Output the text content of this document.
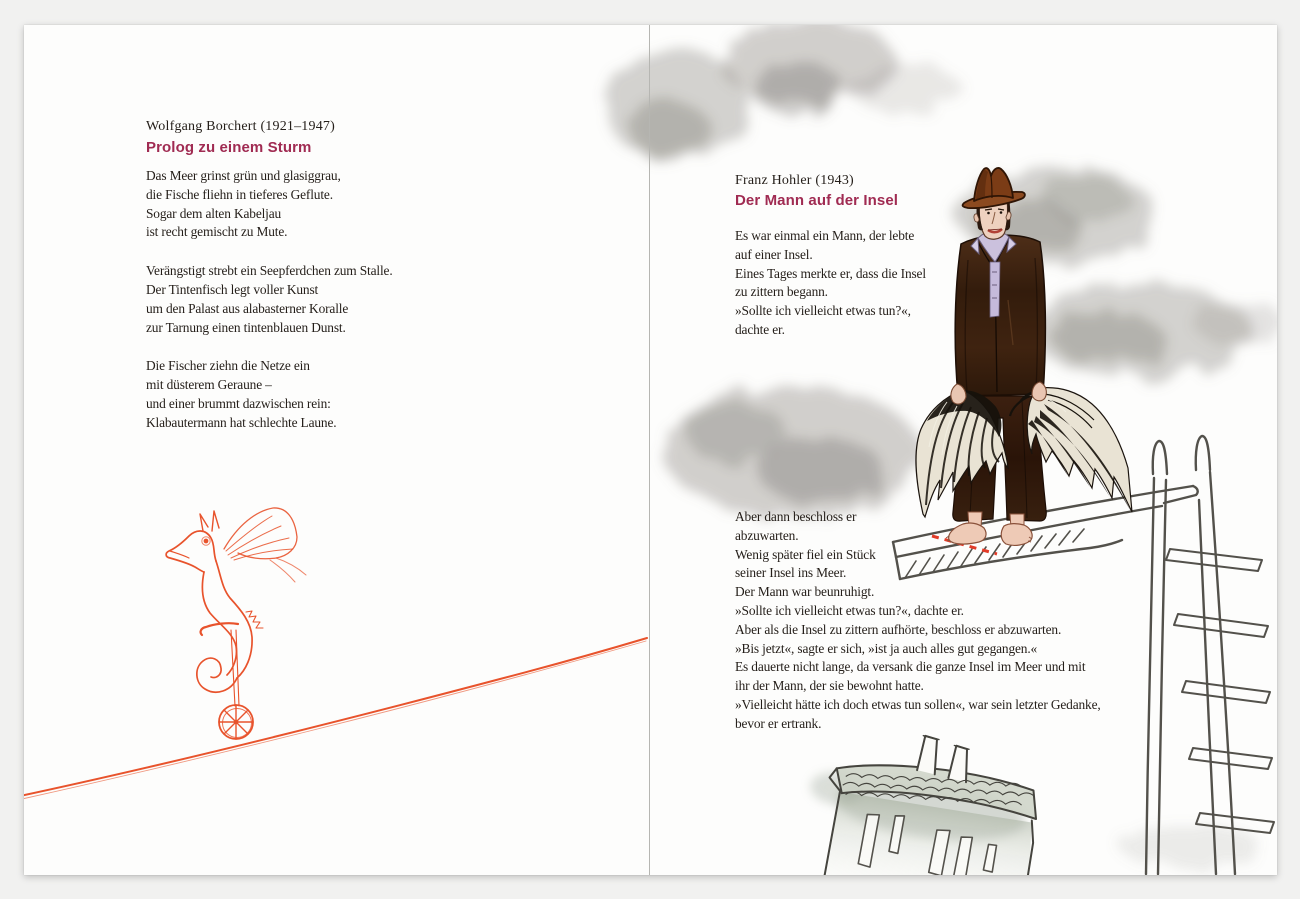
Wolfgang Borchert (1921–1947)
Prolog zu einem Sturm
Das Meer grinst grün und glasiggrau,
die Fische fliehn in tieferes Geflute.
Sogar dem alten Kabeljau
ist recht gemischt zu Mute.
Verängstigt strebt ein Seepferdchen zum Stalle.
Der Tintenfisch legt voller Kunst
um den Palast aus alabasterner Koralle
zur Tarnung einen tintenblauen Dunst.
Die Fischer ziehn die Netze ein
mit düsterem Geraune –
und einer brummt dazwischen rein:
Klabautermann hat schlechte Laune.
Franz Hohler (1943)
Der Mann auf der Insel
Es war einmal ein Mann, der lebte
auf einer Insel.
Eines Tages merkte er, dass die Insel
zu zittern begann.
»Sollte ich vielleicht etwas tun?«,
dachte er.
Aber dann beschloss er
abzuwarten.
Wenig später fiel ein Stück
seiner Insel ins Meer.
Der Mann war beunruhigt.
»Sollte ich vielleicht etwas tun?«, dachte er.
Aber als die Insel zu zittern aufhörte, beschloss er abzuwarten.
»Bis jetzt«, sagte er sich, »ist ja auch alles gut gegangen.«
Es dauerte nicht lange, da versank die ganze Insel im Meer und mit
ihr der Mann, der sie bewohnt hatte.
»Vielleicht hätte ich doch etwas tun sollen«, war sein letzter Gedanke,
bevor er ertrank.
